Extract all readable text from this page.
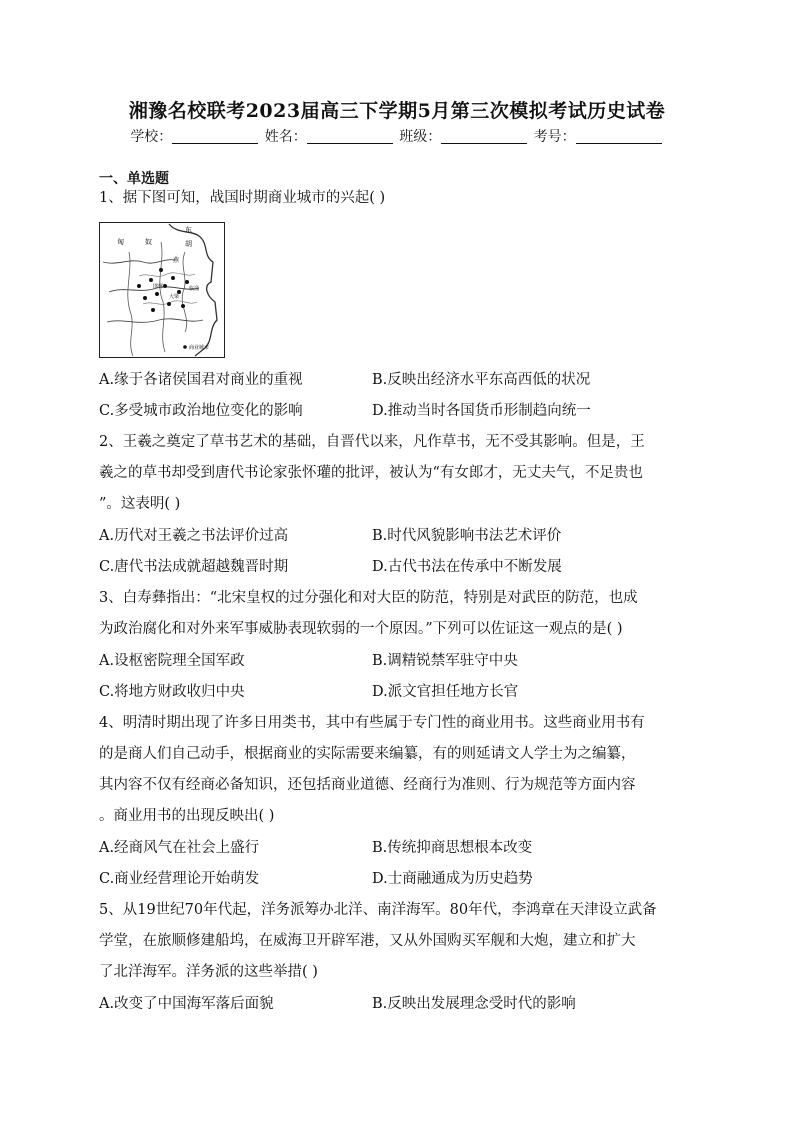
湘豫名校联考2023届高三下学期5月第三次模拟考试历史试卷
学校：	姓名：	班级：	考号：
一、单选题

1、据下图可知，战国时期商业城市的兴起( )

匈	奴
东
胡
燕
邯郸	临淄
大梁
商业城市
A.缘于各诸侯国君对商业的重视	B.反映出经济水平东高西低的状况
C.多受城市政治地位变化的影响	D.推动当时各国货币形制趋向统一

2、王羲之奠定了草书艺术的基础，自晋代以来，凡作草书，无不受其影响。但是，王

羲之的草书却受到唐代书论家张怀瓘的批评，被认为“有女郎才，无丈夫气，不足贵也

”。这表明( )

A.历代对王羲之书法评价过高	B.时代风貌影响书法艺术评价
C.唐代书法成就超越魏晋时期	D.古代书法在传承中不断发展

3、白寿彝指出：“北宋皇权的过分强化和对大臣的防范，特别是对武臣的防范，也成

为政治腐化和对外来军事威胁表现软弱的一个原因。”下列可以佐证这一观点的是( )

A.设枢密院理全国军政	B.调精锐禁军驻守中央
C.将地方财政收归中央	D.派文官担任地方长官

4、明清时期出现了许多日用类书，其中有些属于专门性的商业用书。这些商业用书有

的是商人们自己动手，根据商业的实际需要来编纂，有的则延请文人学士为之编纂，

其内容不仅有经商必备知识，还包括商业道德、经商行为准则、行为规范等方面内容

。商业用书的出现反映出( )

A.经商风气在社会上盛行	B.传统抑商思想根本改变
C.商业经营理论开始萌发	D.士商融通成为历史趋势

5、从19世纪70年代起，洋务派筹办北洋、南洋海军。80年代，李鸿章在天津设立武备

学堂，在旅顺修建船坞，在威海卫开辟军港，又从外国购买军舰和大炮，建立和扩大

了北洋海军。洋务派的这些举措( )

A.改变了中国海军落后面貌	B.反映出发展理念受时代的影响
